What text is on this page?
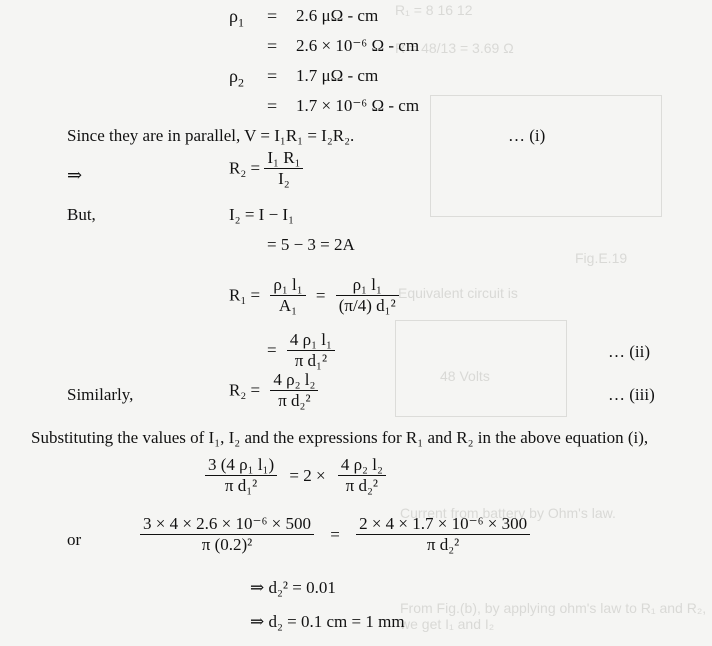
R₁ = 8 16 12
R = 48/13 = 3.69 Ω
Fig.E.19
Equivalent circuit is
48 Volts
Current from battery by Ohm's law.
From Fig.(b), by applying ohm's law to R₁ and R₂, we get I₁ and I₂
$\rho_1 = 2.6$ μΩ - cm
= 2.6 × 10⁻⁶ Ω - cm
$\rho_2 = 1.7$ μΩ - cm
= 1.7 × 10⁻⁶ Ω - cm
Since they are in parallel, V = I₁R₁ = I₂R₂.	… (i)
⇒	$R_2 = \frac{\text{I₁ R₁}}{\text{I₂}}$
But,	I₂ = I − I₁
= 5 − 3 = 2A
$R_1 = \frac{\text{ρ₁ l₁}}{\text{A₁}} = \frac{\text{ρ₁ l₁}}{\text{(π/4) d₁²}}$
= $\frac{\text{4 ρ₁ l₁}}{\text{π d₁²}}$	… (ii)
Similarly,	$R_2 = \frac{\text{4 ρ₂ l₂}}{\text{π d₂²}}$	… (iii)
Substituting the values of I₁, I₂ and the expressions for R₁ and R₂ in the above equation (i),
$\frac{\text{3 (4 ρ₁ l₁)}}{\text{π d₁²}} = 2 \times \frac{\text{4 ρ₂ l₂}}{\text{π d₂²}}$
or	$\frac{\text{3 × 4 × 2.6 × 10⁻⁶ × 500}}{\text{π (0.2)²}} = \frac{\text{2 × 4 × 1.7 × 10⁻⁶ × 300}}{\text{π d₂²}}$
⇒ d₂² = 0.01
⇒ d₂ = 0.1 cm = 1 mm
